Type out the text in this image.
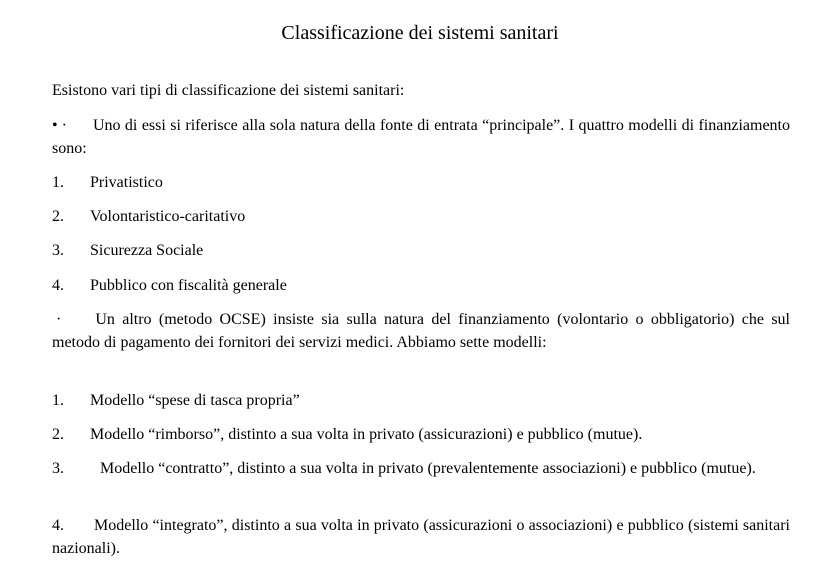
Classificazione dei sistemi sanitari
Esistono vari tipi di classificazione dei sistemi sanitari:
• · Uno di essi si riferisce alla sola natura della fonte di entrata “principale”. I quattro modelli di finanziamento sono:
1. Privatistico
2. Volontaristico-caritativo
3. Sicurezza Sociale
4. Pubblico con fiscalità generale
· Un altro (metodo OCSE) insiste sia sulla natura del finanziamento (volontario o obbligatorio) che sul metodo di pagamento dei fornitori dei servizi medici. Abbiamo sette modelli:
1. Modello “spese di tasca propria”
2. Modello “rimborso”, distinto a sua volta in privato (assicurazioni) e pubblico (mutue).
3. Modello “contratto”, distinto a sua volta in privato (prevalentemente associazioni) e pubblico (mutue).
4. Modello “integrato”, distinto a sua volta in privato (assicurazioni o associazioni) e pubblico (sistemi sanitari nazionali).
